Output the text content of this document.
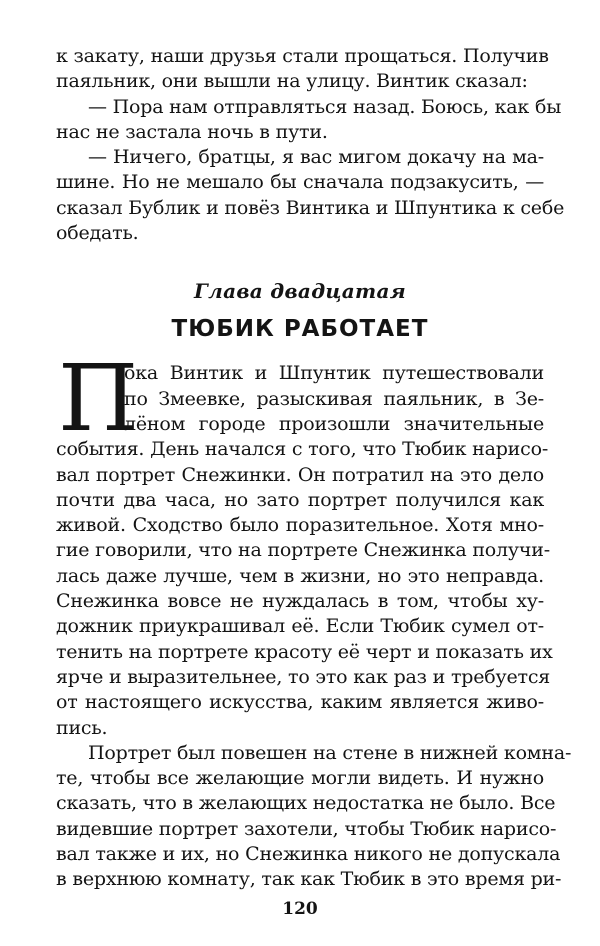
к закату, наши друзья стали прощаться. Получив
паяльник, они вышли на улицу. Винтик сказал:
— Пора нам отправляться назад. Боюсь, как бы
нас не застала ночь в пути.
— Ничего, братцы, я вас мигом докачу на ма-
шине. Но не мешало бы сначала подзакусить, —
сказал Бублик и повёз Винтика и Шпунтика к себе
обедать.
Глава двадцатая
ТЮБИК РАБОТАЕТ
П
ока Винтик и Шпунтик путешествовали
по Змеевке, разыскивая паяльник, в Зе-
лёном городе произошли значительные
события. День начался с того, что Тюбик нарисо-
вал портрет Снежинки. Он потратил на это дело
почти два часа, но зато портрет получился как
живой. Сходство было поразительное. Хотя мно-
гие говорили, что на портрете Снежинка получи-
лась даже лучше, чем в жизни, но это неправда.
Снежинка вовсе не нуждалась в том, чтобы ху-
дожник приукрашивал её. Если Тюбик сумел от-
тенить на портрете красоту её черт и показать их
ярче и выразительнее, то это как раз и требуется
от настоящего искусства, каким является живо-
пись.
Портрет был повешен на стене в нижней комна-
те, чтобы все желающие могли видеть. И нужно
сказать, что в желающих недостатка не было. Все
видевшие портрет захотели, чтобы Тюбик нарисо-
вал также и их, но Снежинка никого не допускала
в верхнюю комнату, так как Тюбик в это время ри-
120
